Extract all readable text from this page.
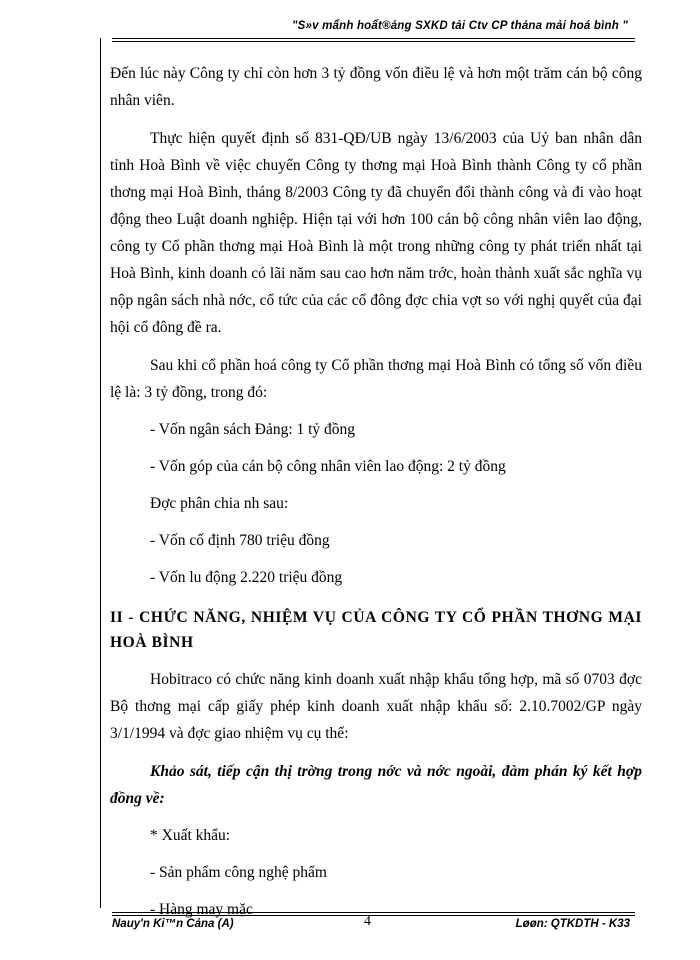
"S»v mẩnh hoẩt®ảng SXKD tải Ctv CP thảna mải hoá bình "

Đến lúc này Công ty chỉ còn hơn 3 tỷ đồng vốn điều lệ và hơn một trăm cán bộ công nhân viên.

Thực hiện quyết định số 831-QĐ/UB ngày 13/6/2003 của Uỷ ban nhân dân tỉnh Hoà Bình về việc chuyển Công ty thơng mại Hoà Bình thành Công ty cổ phần thơng mại Hoà Bình, tháng 8/2003 Công ty đã chuyển đổi thành công và đi vào hoạt động theo Luật doanh nghiệp. Hiện tại với hơn 100 cán bộ công nhân viên lao động, công ty Cổ phần thơng mại Hoà Bình là một trong những công ty phát triển nhất tại Hoà Bình, kinh doanh có lãi năm sau cao hơn năm trớc, hoàn thành xuất sắc nghĩa vụ nộp ngân sách nhà nớc, cổ tức của các cổ đông đợc chia vợt so với nghị quyết của đại hội cổ đông đề ra.

Sau khi cổ phần hoá công ty Cổ phần thơng mại Hoà Bình có tổng số vốn điều lệ là: 3 tỷ đồng, trong đó:

- Vốn ngân sách Đảng: 1 tỷ đồng

- Vốn góp của cán bộ công nhân viên lao động: 2 tỷ đồng

Đợc phân chia nh sau:

- Vốn cố định 780 triệu đồng

- Vốn lu động 2.220 triệu đồng

II - CHỨC NĂNG, NHIỆM VỤ CỦA CÔNG TY CỔ PHẦN THƠNG MẠI HOÀ BÌNH

Hobitraco có chức năng kinh doanh xuất nhập khẩu tổng hợp, mã số 0703 đợc Bộ thơng mại cấp giấy phép kinh doanh xuất nhập khẩu số: 2.10.7002/GP ngày 3/1/1994 và đợc giao nhiệm vụ cụ thể:

Khảo sát, tiếp cận thị trờng trong nớc và nớc ngoài, đàm phán ký kết hợp đồng về:

* Xuất khẩu:

- Sản phẩm công nghệ phẩm

- Hàng may mặc

Nauy'n Ki™n Cảna (A)	4	Løøn: QTKDTH - K33
